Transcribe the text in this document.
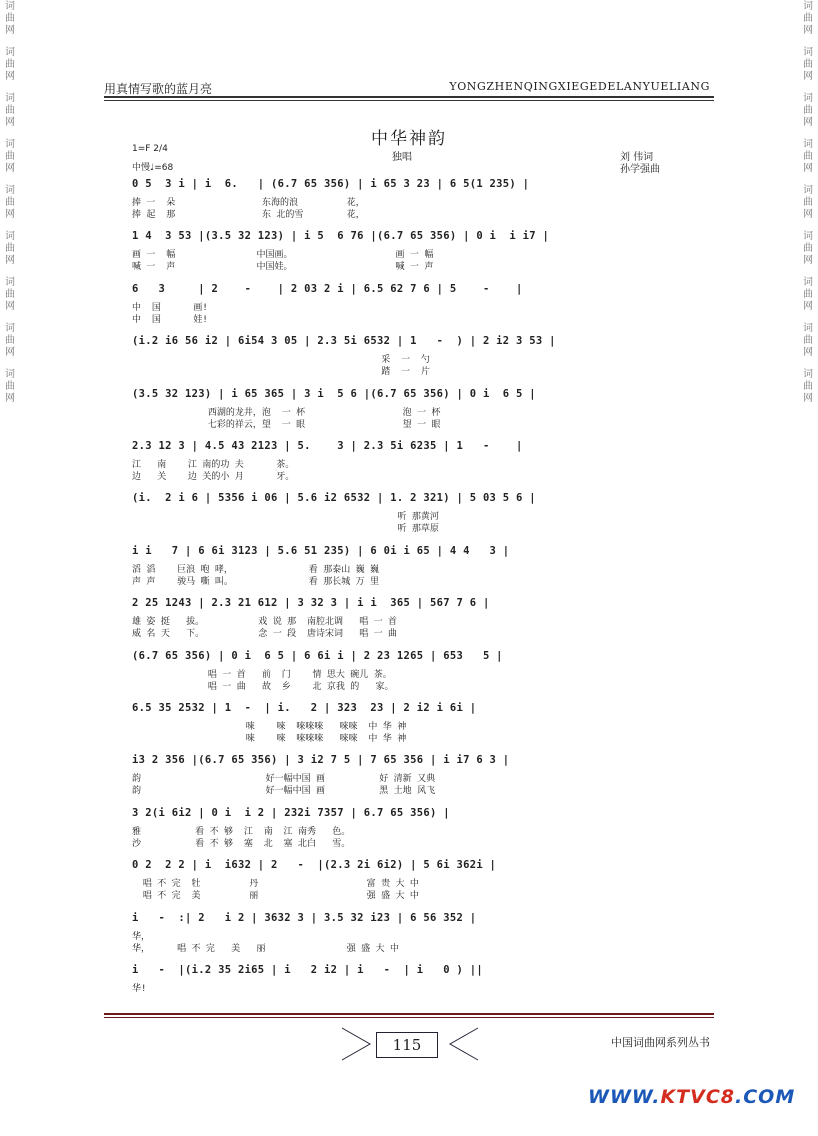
词
曲
网
词
曲
网
词
曲
网
词
曲
网
词
曲
网
词
曲
网
词
曲
网
词
曲
网
词
曲
网
词
曲
网
词
曲
网
词
曲
网
词
曲
网
词
曲
网
词
曲
网
词
曲
网
词
曲
网
词
曲
网
用真情写歌的蓝月亮	YONGZHENQINGXIEGEDELANYUELIANG
中华神韵
独唱
1=F 2/4
中慢♩=68
刘 伟词
孙学强曲
0 5  3 i | i  6.   | (6.7 65 356) | i 65 3 23 | 6 5(1 235) |
捧 一  朵                东海的浪         花，
捧 起  那                东 北的雪        花，
1 4  3 53 |(3.5 32 123) | i 5  6 76 |(6.7 65 356) | 0 i  i i7 |
画 一  幅               中国画。                   画 一 幅
喊 一  声               中国娃。                   喊 一 声
6   3     | 2    -    | 2 03 2 i | 6.5 62 7 6 | 5    -    |
中  国      画!
中  国      娃!
(i.2 i6 56 i2 | 6i54 3 05 | 2.3 5i 6532 | 1   -  ) | 2 i2 3 53 |
采  一  勺
踏  一  片
(3.5 32 123) | i 65 365 | 3 i  5 6 |(6.7 65 356) | 0 i  6 5 |
西湖的龙井，泡  一 杯                  泡 一 杯
七彩的祥云，望  一 眼                  望 一 眼
2.3 12 3 | 4.5 43 2123 | 5.    3 | 2.3 5i 6235 | 1   -    |
江   南    江 南的功 夫      茶。
边   关    边 关的小 月      牙。
(i.  2 i 6 | 5356 i 06 | 5.6 i2 6532 | 1. 2 321) | 5 03 5 6 |
听 那黄河
听 那草原
i i   7 | 6 6i 3123 | 5.6 51 235) | 6 0i i 65 | 4 4   3 |
滔 滔    巨浪 咆 哮，              看 那泰山 巍 巍
声 声    骏马 嘶 叫。              看 那长城 万 里
2 25 1243 | 2.3 21 612 | 3 32 3 | i i  365 | 567 7 6 |
雄 姿 挺   拔。          戏 说 那  南腔北调   唱 一 首
威 名 天   下。          念 一 段  唐诗宋词   唱 一 曲
(6.7 65 356) | 0 i  6 5 | 6 6i i | 2 23 1265 | 653   5 |
唱 一 首   前  门    情 思大 碗儿 茶。
唱 一 曲   故  乡    北 京我 的   家。
6.5 35 2532 | 1  -  | i.   2 | 323  23 | 2 i2 i 6i |
唻    唻  唻唻唻   唻唻  中 华 神
唻    唻  唻唻唻   唻唻  中 华 神
i3 2 356 |(6.7 65 356) | 3 i2 7 5 | 7 65 356 | i i7 6 3 |
韵                       好一幅中国 画          好 清新 又典
韵                       好一幅中国 画          黑 土地 风飞
3 2(i 6i2 | 0 i  i 2 | 232i 7357 | 6.7 65 356) |
雅          看 不 够  江  南  江 南秀   色。
沙          看 不 够  塞  北  塞 北白   雪。
0 2  2 2 | i  i632 | 2   -  |(2.3 2i 6i2) | 5 6i 362i |
唱 不 完  牡         丹                    富 贵 大 中
唱 不 完  美         丽                    强 盛 大 中
i   -  :| 2   i 2 | 3632 3 | 3.5 32 i23 | 6 56 352 |
华，
华，     唱 不 完   美   丽               强 盛 大 中
i   -  |(i.2 35 2i65 | i   2 i2 | i   -  | i   0 ) ||
华!
115	中国词曲网系列丛书
WWW.KTVC8.COM
